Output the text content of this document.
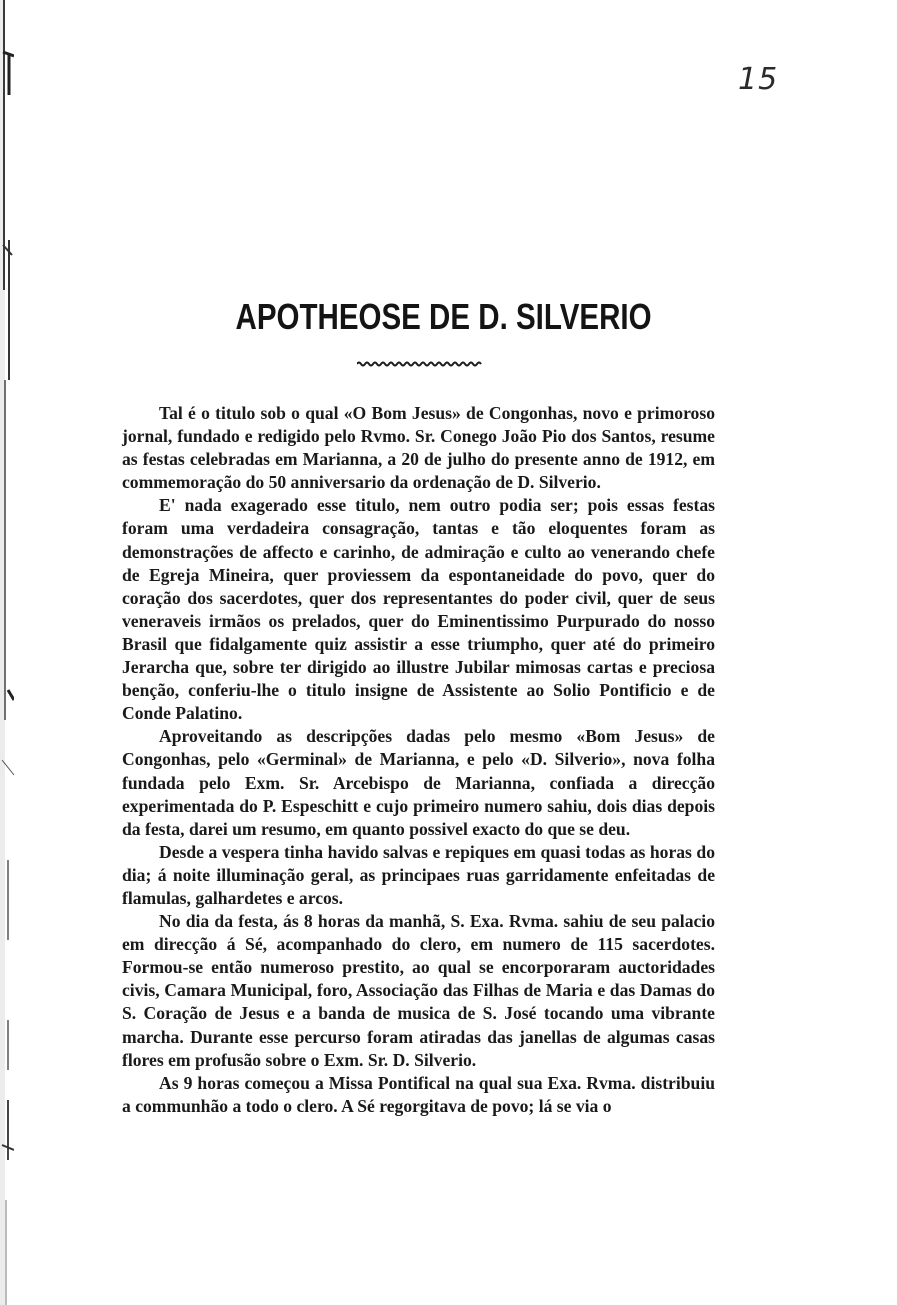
15
APOTHEOSE DE D. SILVERIO

Tal é o titulo sob o qual «O Bom Jesus» de Congonhas, novo e primoroso jornal, fundado e redigido pelo Rvmo. Sr. Conego João Pio dos Santos, resume as festas celebradas em Marianna, a 20 de julho do presente anno de 1912, em commemoração do 50 anniversario da ordenação de D. Silverio.

E' nada exagerado esse titulo, nem outro podia ser; pois essas festas foram uma verdadeira consagração, tantas e tão eloquentes foram as demonstrações de affecto e carinho, de admiração e culto ao venerando chefe de Egreja Mineira, quer proviessem da espontaneidade do povo, quer do coração dos sacerdotes, quer dos representantes do poder civil, quer de seus veneraveis irmãos os prelados, quer do Eminentissimo Purpurado do nosso Brasil que fidalgamente quiz assistir a esse triumpho, quer até do primeiro Jerarcha que, sobre ter dirigido ao illustre Jubilar mimosas cartas e preciosa benção, conferiu-lhe o titulo insigne de Assistente ao Solio Pontificio e de Conde Palatino.

Aproveitando as descripções dadas pelo mesmo «Bom Jesus» de Congonhas, pelo «Germinal» de Marianna, e pelo «D. Silverio», nova folha fundada pelo Exm. Sr. Arcebispo de Marianna, confiada a direcção experimentada do P. Espeschitt e cujo primeiro numero sahiu, dois dias depois da festa, darei um resumo, em quanto possivel exacto do que se deu.

Desde a vespera tinha havido salvas e repiques em quasi todas as horas do dia; á noite illuminação geral, as principaes ruas garridamente enfeitadas de flamulas, galhardetes e arcos.

No dia da festa, ás 8 horas da manhã, S. Exa. Rvma. sahiu de seu palacio em direcção á Sé, acompanhado do clero, em numero de 115 sacerdotes. Formou-se então numeroso prestito, ao qual se encorporaram auctoridades civis, Camara Municipal, foro, Associação das Filhas de Maria e das Damas do S. Coração de Jesus e a banda de musica de S. José tocando uma vibrante marcha. Durante esse percurso foram atiradas das janellas de algumas casas flores em profusão sobre o Exm. Sr. D. Silverio.

As 9 horas começou a Missa Pontifical na qual sua Exa. Rvma. distribuiu a communhão a todo o clero. A Sé regorgitava de povo; lá se via o
